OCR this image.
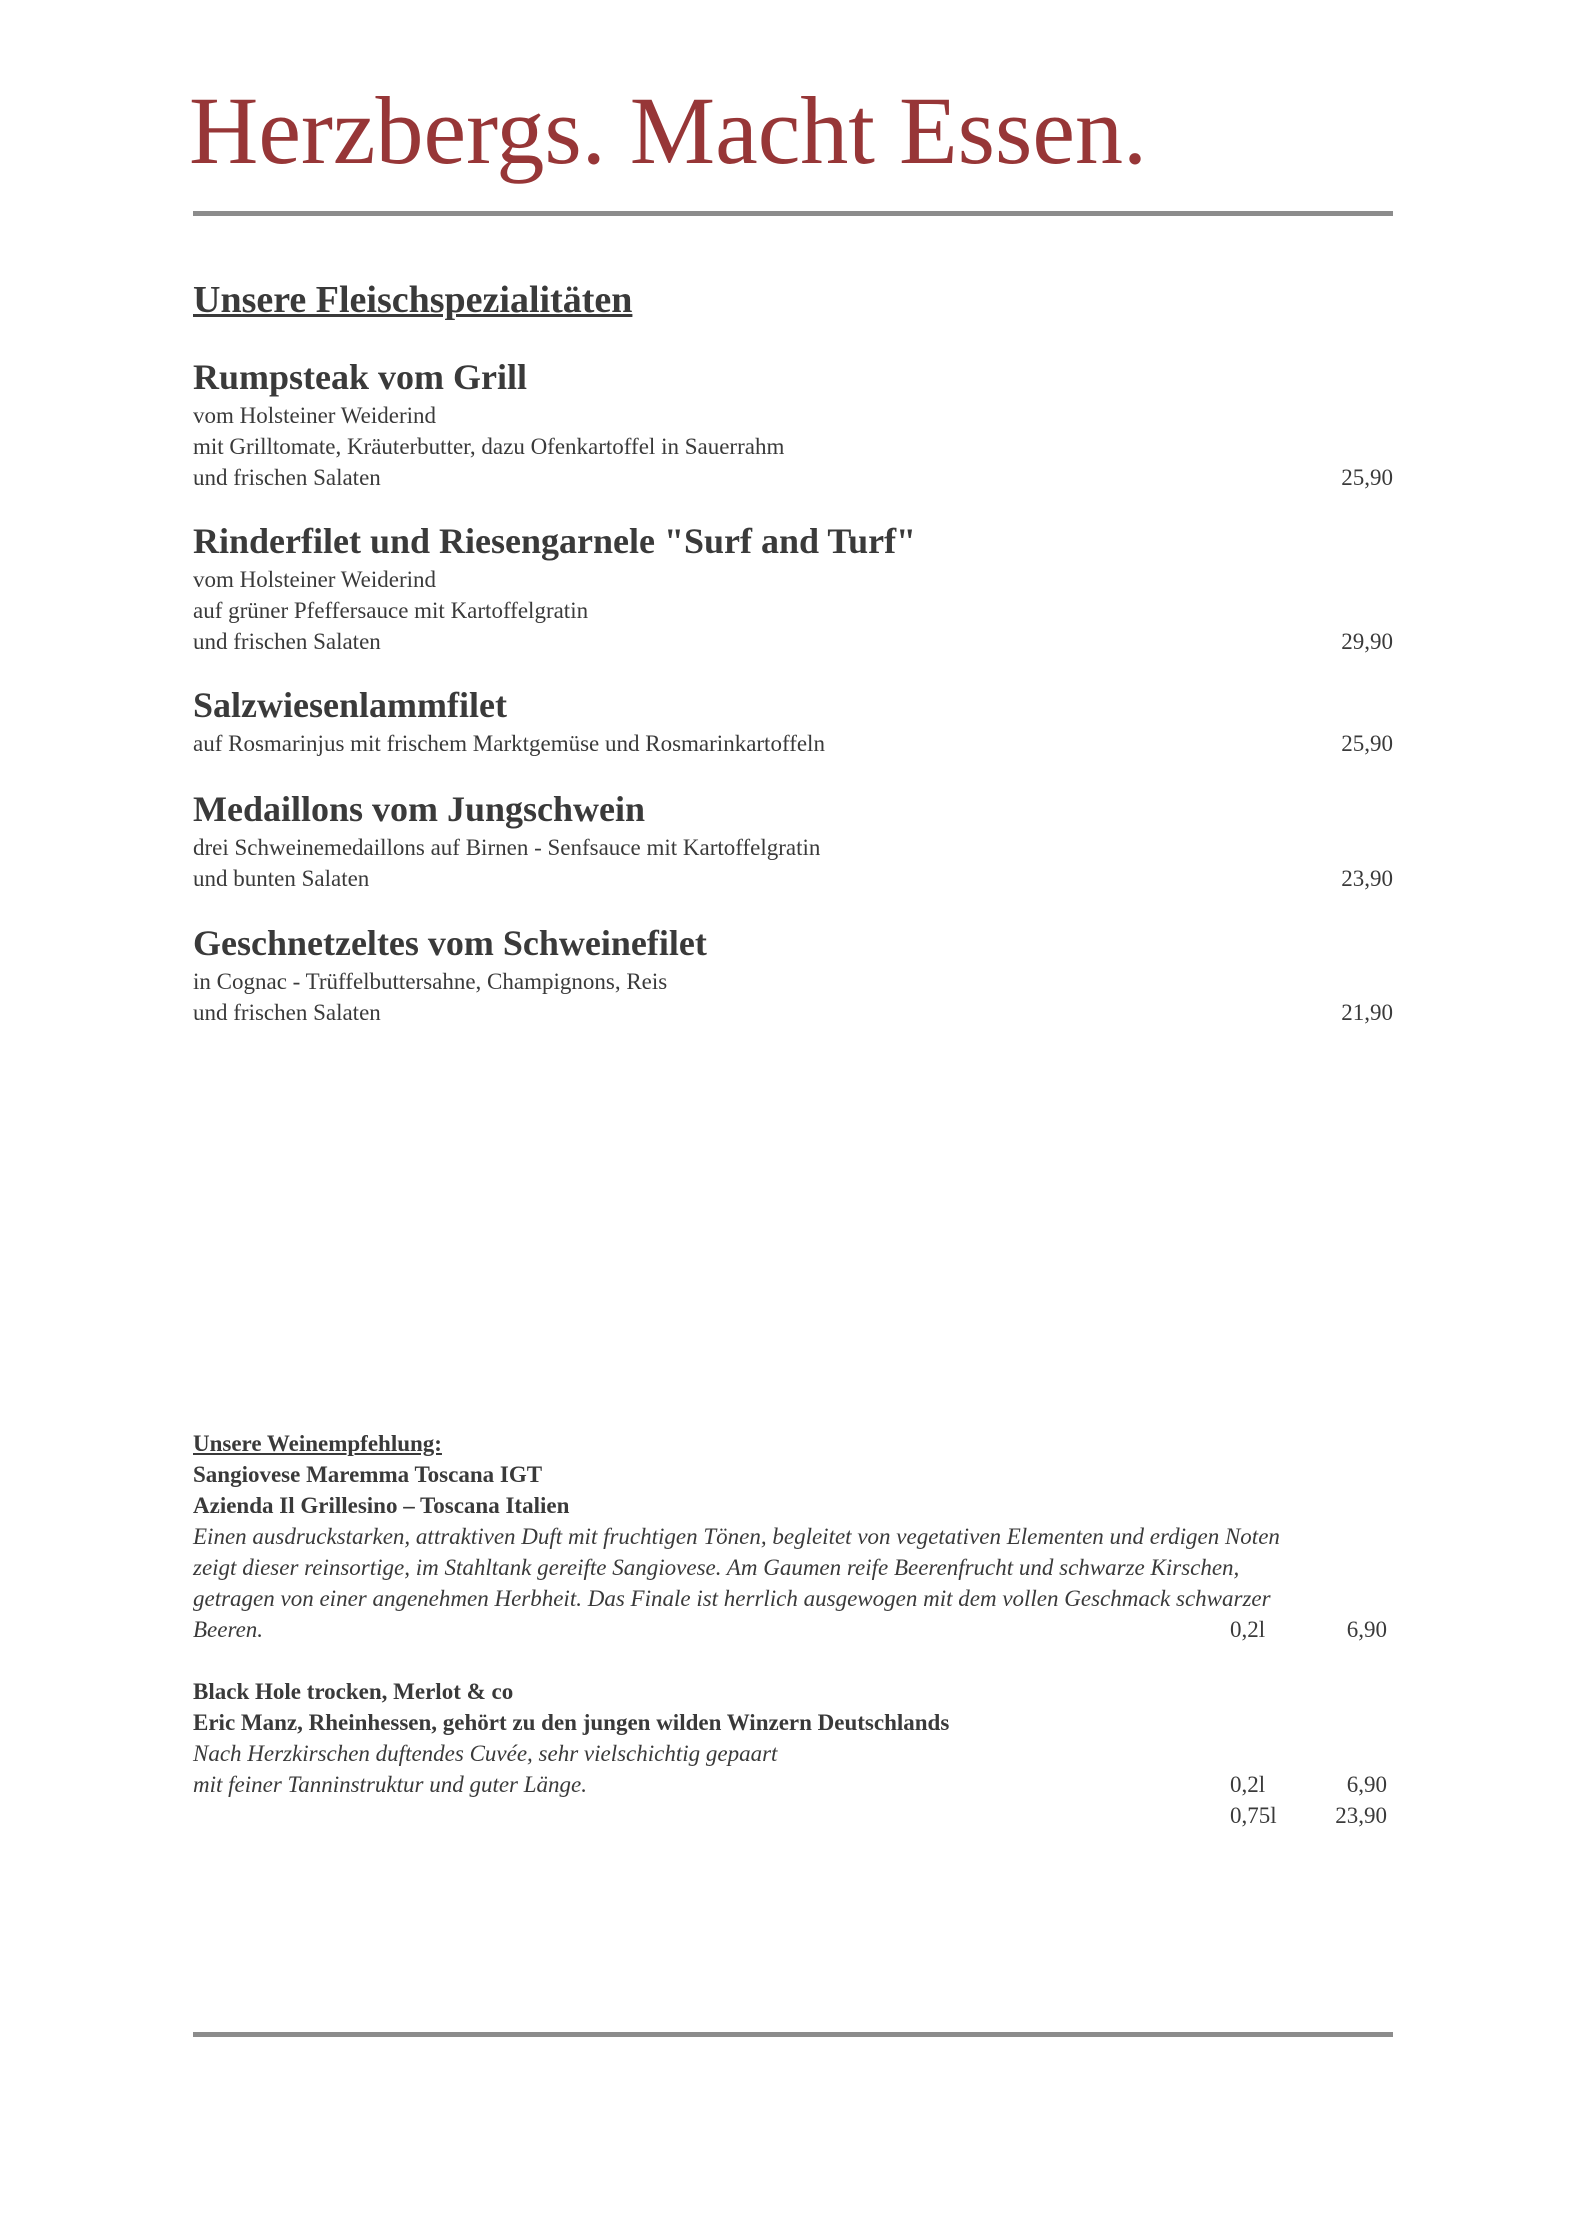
Herzbergs. Macht Essen.
Unsere Fleischspezialitäten
Rumpsteak vom Grill
vom Holsteiner Weiderind
mit Grilltomate, Kräuterbutter, dazu Ofenkartoffel in Sauerrahm
und frischen Salaten	25,90
Rinderfilet und Riesengarnele "Surf and Turf"
vom Holsteiner Weiderind
auf grüner Pfeffersauce mit Kartoffelgratin
und frischen Salaten	29,90
Salzwiesenlammfilet
auf Rosmarinjus mit frischem Marktgemüse und Rosmarinkartoffeln	25,90
Medaillons vom Jungschwein
drei Schweinemedaillons auf Birnen - Senfsauce mit Kartoffelgratin
und bunten Salaten	23,90
Geschnetzeltes vom Schweinefilet
in Cognac - Trüffelbuttersahne, Champignons, Reis
und frischen Salaten	21,90
Unsere Weinempfehlung:
Sangiovese Maremma Toscana IGT
Azienda Il Grillesino – Toscana Italien
Einen ausdruckstarken, attraktiven Duft mit fruchtigen Tönen, begleitet von vegetativen Elementen und erdigen Noten
zeigt dieser reinsortige, im Stahltank gereifte Sangiovese. Am Gaumen reife Beerenfrucht und schwarze Kirschen,
getragen von einer angenehmen Herbheit. Das Finale ist herrlich ausgewogen mit dem vollen Geschmack schwarzer
Beeren.	0,2l	6,90
Black Hole trocken, Merlot & co
Eric Manz, Rheinhessen, gehört zu den jungen wilden Winzern Deutschlands
Nach Herzkirschen duftendes Cuvée, sehr vielschichtig gepaart
mit feiner Tanninstruktur und guter Länge.	0,2l	6,90
0,75l	23,90
